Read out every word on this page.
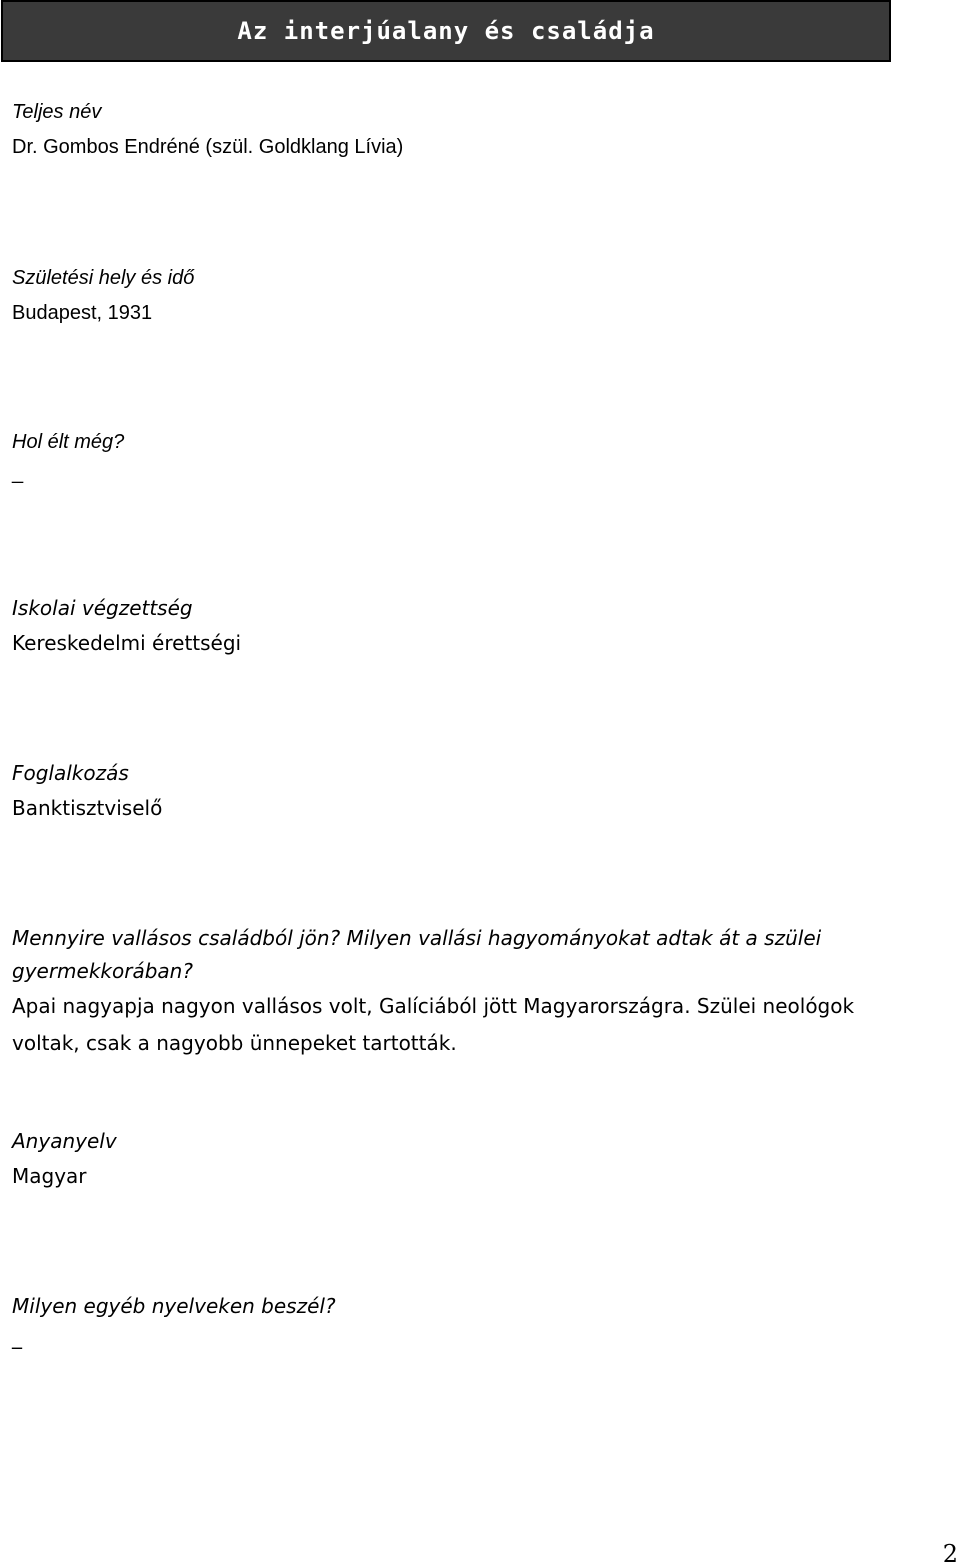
Az interjúalany és családja
Teljes név
Dr. Gombos Endréné (szül. Goldklang Lívia)
Születési hely és idő
Budapest, 1931
Hol élt még?
_
Iskolai végzettség
Kereskedelmi érettségi
Foglalkozás
Banktisztviselő
Mennyire vallásos családból jön? Milyen vallási hagyományokat adtak át a szülei gyermekkorában?
Apai nagyapja nagyon vallásos volt, Galíciából jött Magyarországra. Szülei neológok voltak, csak a nagyobb ünnepeket tartották.
Anyanyelv
Magyar
Milyen egyéb nyelveken beszél?
_
2
